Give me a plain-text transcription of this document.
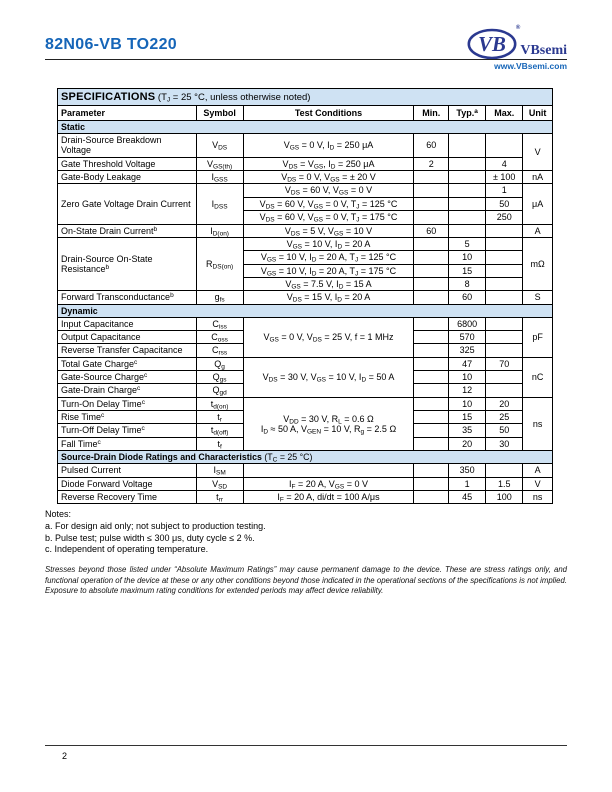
82N06-VB TO220	VB
®
VBsemi
www.VBsemi.com
SPECIFICATIONS ($T_J = 25$ °C, unless otherwise noted)						
Parameter	Symbol	Test Conditions	Min.	Typ.$^a$	Max.	Unit
Static						
Drain-Source Breakdown Voltage	$V_{DS}$	$V_{GS} = 0$ V, $I_D = 250$ μA	60			V
Gate Threshold Voltage	$V_{GS(th)}$	$V_{DS} = V_{GS}$, $I_D = 250$ μA	2		4	
Gate-Body Leakage	$I_{GSS}$	$V_{DS} = 0$ V, $V_{GS}$ = ± 20 V			± 100	nA
Zero Gate Voltage Drain Current	$I_{DSS}$	$V_{DS} = 60$ V, $V_{GS} = 0$ V			1	μA
		$V_{DS} = 60$ V, $V_{GS} = 0$ V, $T_J = 125$ °C			50	
		$V_{DS} = 60$ V, $V_{GS} = 0$ V, $T_J = 175$ °C			250	
On-State Drain Current$^b$	$I_{D(on)}$	$V_{DS} = 5$ V, $V_{GS} = 10$ V	60			A
Drain-Source On-State Resistance$^b$	$R_{DS(on)}$	$V_{GS} = 10$ V, $I_D = 20$ A		5		mΩ
		$V_{GS} = 10$ V, $I_D = 20$ A, $T_J = 125$ °C		10		
		$V_{GS} = 10$ V, $I_D = 20$ A, $T_J = 175$ °C		15		
		$V_{GS} = 7.5$ V, $I_D = 15$ A		8		
Forward Transconductance$^b$	$g_{fs}$	$V_{DS} = 15$ V, $I_D = 20$ A		60		S
Dynamic						
Input Capacitance	$C_{iss}$	$V_{GS} = 0$ V, $V_{DS} = 25$ V, f = 1 MHz		6800		pF
Output Capacitance	$C_{oss}$			570		
Reverse Transfer Capacitance	$C_{rss}$			325		
Total Gate Charge$^c$	$Q_g$	$V_{DS} = 30$ V, $V_{GS} = 10$ V, $I_D = 50$ A		47	70	nC
Gate-Source Charge$^c$	$Q_{gs}$			10		
Gate-Drain Charge$^c$	$Q_{gd}$			12		
Turn-On Delay Time$^c$	$t_{d(on)}$	$V_{DD} = 30$ V, $R_L = 0.6$ Ω
$I_D \approx 50$ A, $V_{GEN} = 10$ V, $R_g = 2.5$ Ω		10	20	ns
Rise Time$^c$	$t_r$			15	25	
Turn-Off Delay Time$^c$	$t_{d(off)}$			35	50	
Fall Time$^c$	$t_f$			20	30	
Source-Drain Diode Ratings and Characteristics ($T_C = 25$ °C)						
Pulsed Current	$I_{SM}$			350		A
Diode Forward Voltage	$V_{SD}$	$I_F = 20$ A, $V_{GS} = 0$ V		1	1.5	V
Reverse Recovery Time	$t_{rr}$	$I_F = 20$ A, di/dt = 100 A/μs		45	100	ns
Notes:
a. For design aid only; not subject to production testing.
b. Pulse test; pulse width ≤ 300 μs, duty cycle ≤ 2 %.
c. Independent of operating temperature.
Stresses beyond those listed under “Absolute Maximum Ratings” may cause permanent damage to the device. These are stress ratings only, and functional operation of the device at these or any other conditions beyond those indicated in the operational sections of the specifications is not implied. Exposure to absolute maximum rating conditions for extended periods may affect device reliability.
2
